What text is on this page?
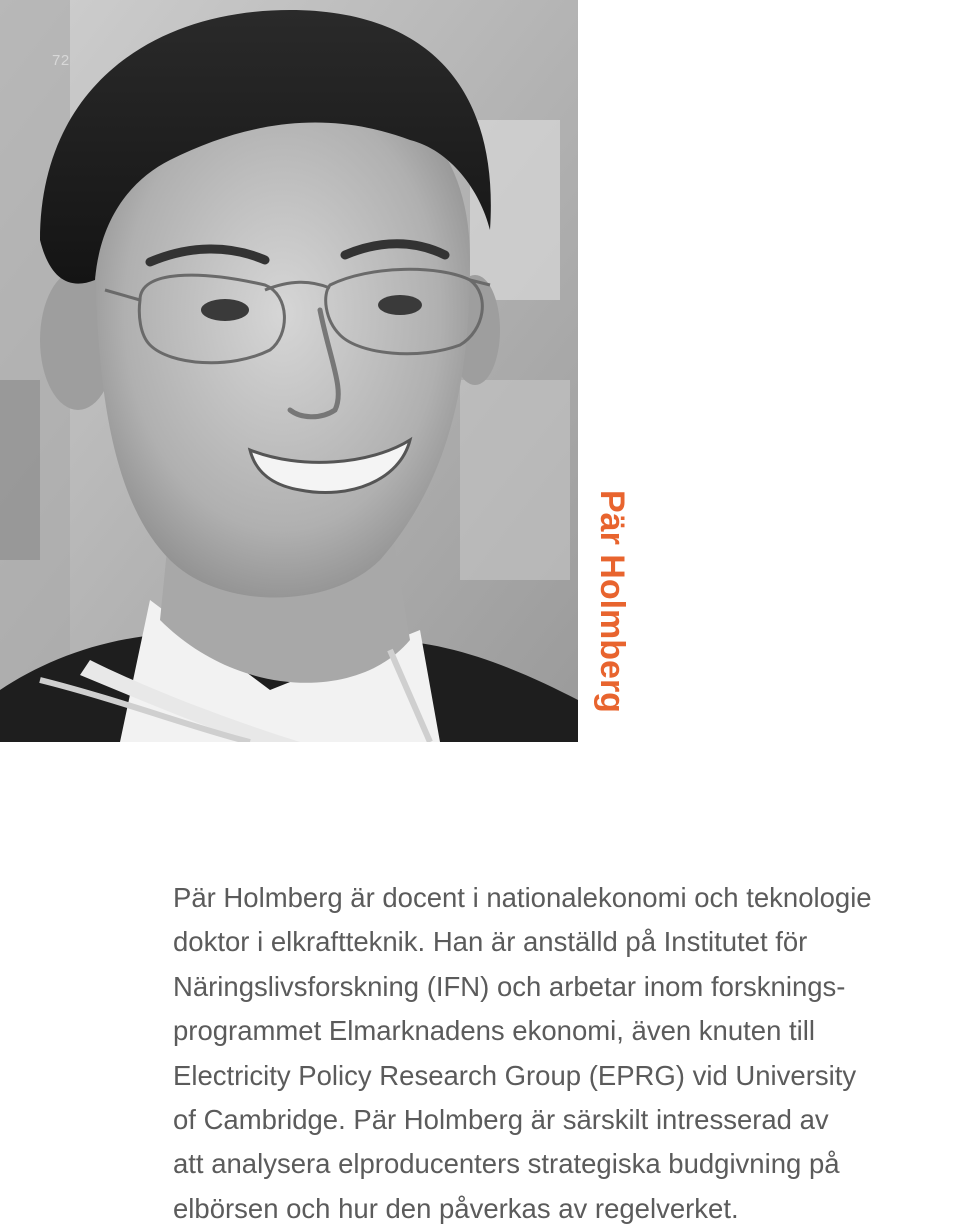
72
Pär Holmberg

Pär Holmberg är docent i nationalekonomi och teknologie
doktor i elkraftteknik. Han är anställd på Institutet för
Näringslivsforskning (IFN) och arbetar inom forsknings-
programmet Elmarknadens ekonomi, även knuten till
Electricity Policy Research Group (EPRG) vid University
of Cambridge. Pär Holmberg är särskilt intresserad av
att analysera elproducenters strategiska budgivning på
elbörsen och hur den påverkas av regelverket.
